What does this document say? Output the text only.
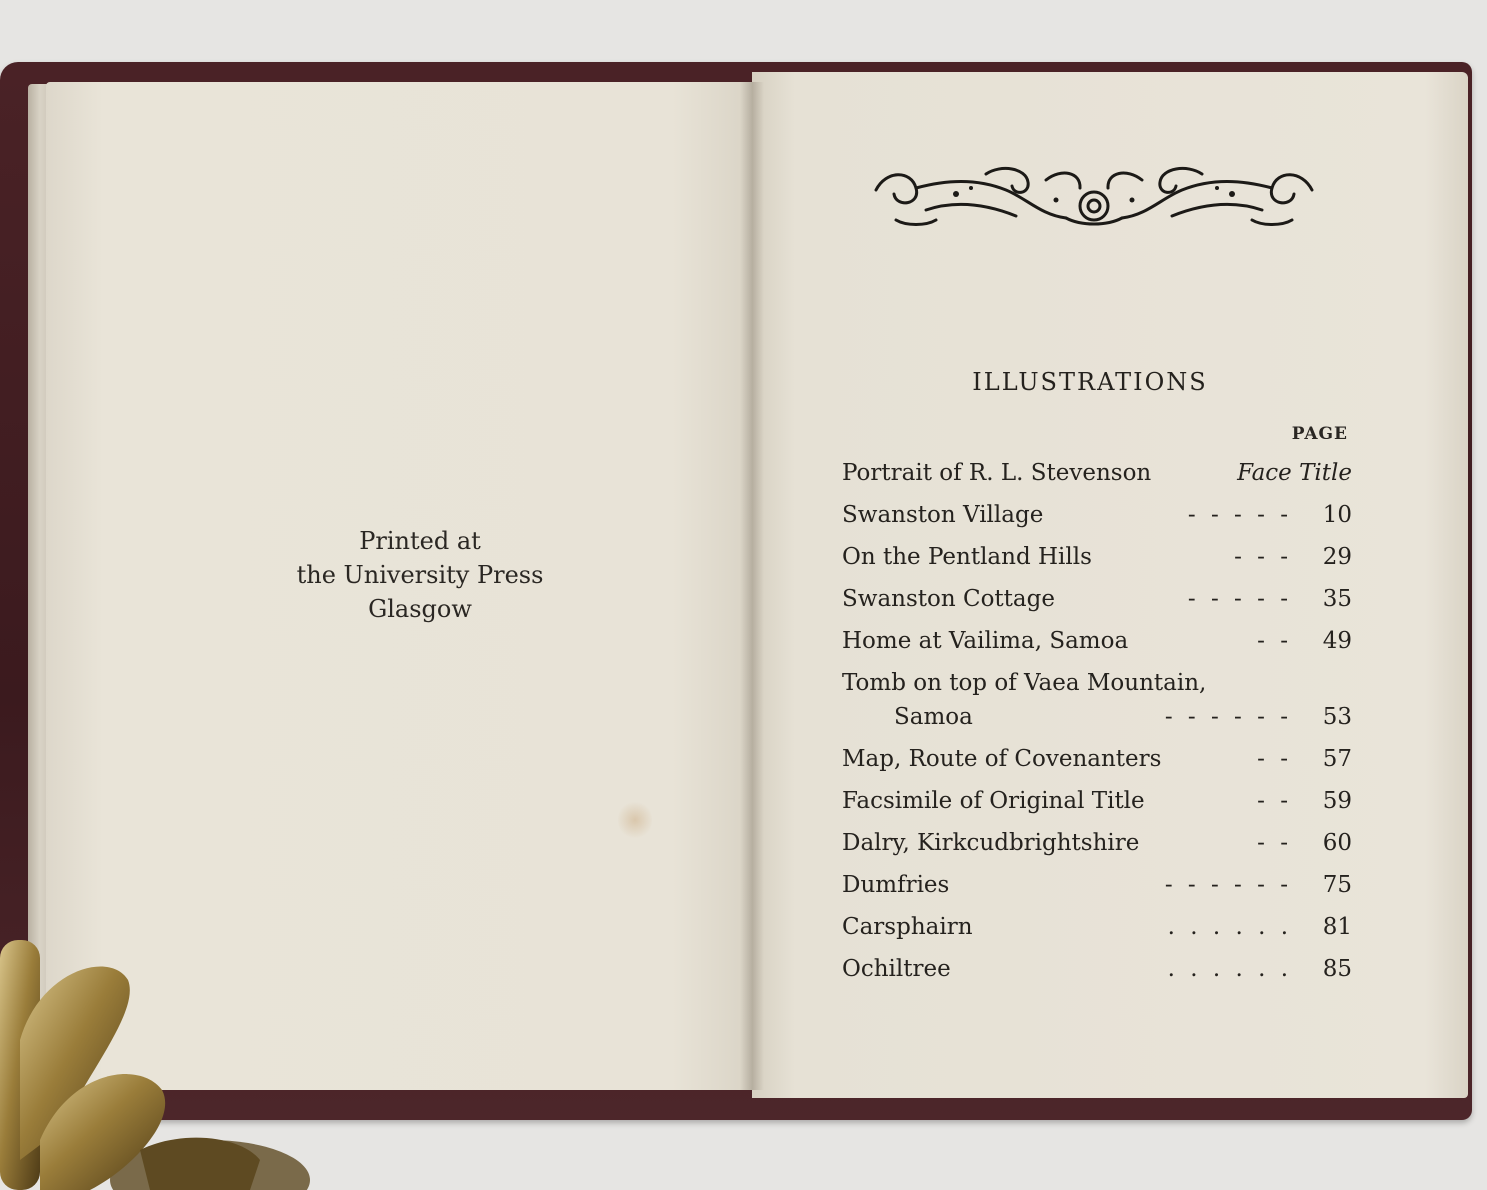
Printed at
the University Press
Glasgow
ILLUSTRATIONS
PAGE
Portrait of R. L. Stevenson	Face Title
Swanston Village	- - - - - 10
On the Pentland Hills	- - - 29
Swanston Cottage	- - - - - 35
Home at Vailima, Samoa	- - 49
Tomb on top of Vaea Mountain,
Samoa	- - - - - - 53
Map, Route of Covenanters	- - 57
Facsimile of Original Title	- - 59
Dalry, Kirkcudbrightshire	- - 60
Dumfries	- - - - - - 75
Carsphairn	. . . . . . 81
Ochiltree	. . . . . . 85
